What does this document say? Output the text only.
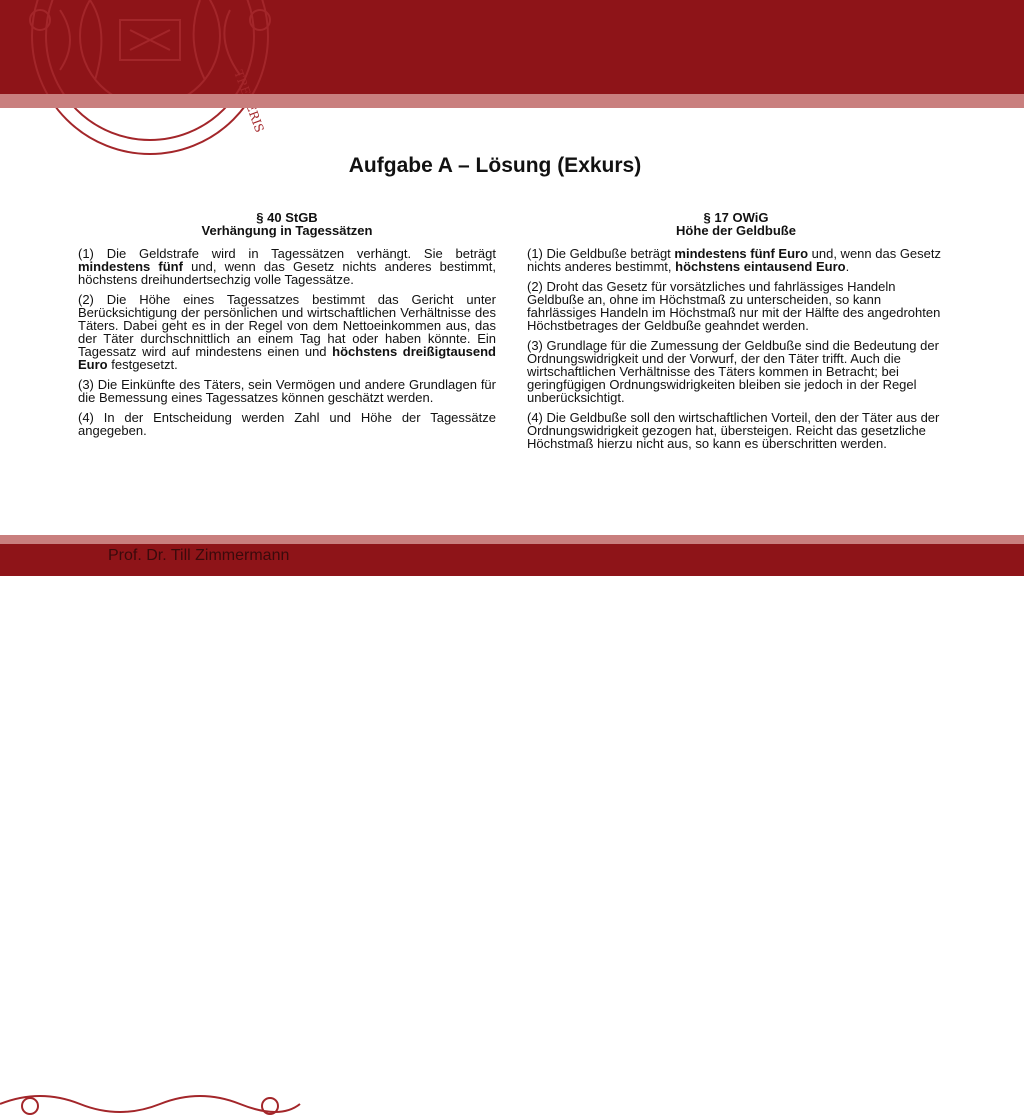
Aufgabe A – Lösung (Exkurs)
§ 40 StGB
Verhängung in Tagessätzen

(1) Die Geldstrafe wird in Tagessätzen verhängt. Sie beträgt mindestens fünf und, wenn das Gesetz nichts anderes bestimmt, höchstens dreihundertsechzig volle Tagessätze.

(2) Die Höhe eines Tagessatzes bestimmt das Gericht unter Berücksichtigung der persönlichen und wirtschaftlichen Verhältnisse des Täters. Dabei geht es in der Regel von dem Nettoeinkommen aus, das der Täter durchschnittlich an einem Tag hat oder haben könnte. Ein Tagessatz wird auf mindestens einen und höchstens dreißigtausend Euro festgesetzt.

(3) Die Einkünfte des Täters, sein Vermögen und andere Grundlagen für die Bemessung eines Tagessatzes können geschätzt werden.

(4) In der Entscheidung werden Zahl und Höhe der Tagessätze angegeben.

§ 17 OWiG
Höhe der Geldbuße

(1) Die Geldbuße beträgt mindestens fünf Euro und, wenn das Gesetz nichts anderes bestimmt, höchstens eintausend Euro.

(2) Droht das Gesetz für vorsätzliches und fahrlässiges Handeln Geldbuße an, ohne im Höchstmaß zu unterscheiden, so kann fahrlässiges Handeln im Höchstmaß nur mit der Hälfte des angedrohten Höchstbetrages der Geldbuße geahndet werden.

(3) Grundlage für die Zumessung der Geldbuße sind die Bedeutung der Ordnungswidrigkeit und der Vorwurf, der den Täter trifft. Auch die wirtschaftlichen Verhältnisse des Täters kommen in Betracht; bei geringfügigen Ordnungswidrigkeiten bleiben sie jedoch in der Regel unberücksichtigt.

(4) Die Geldbuße soll den wirtschaftlichen Vorteil, den der Täter aus der Ordnungswidrigkeit gezogen hat, übersteigen. Reicht das gesetzliche Höchstmaß hierzu nicht aus, so kann es überschritten werden.

Prof. Dr. Till Zimmermann
